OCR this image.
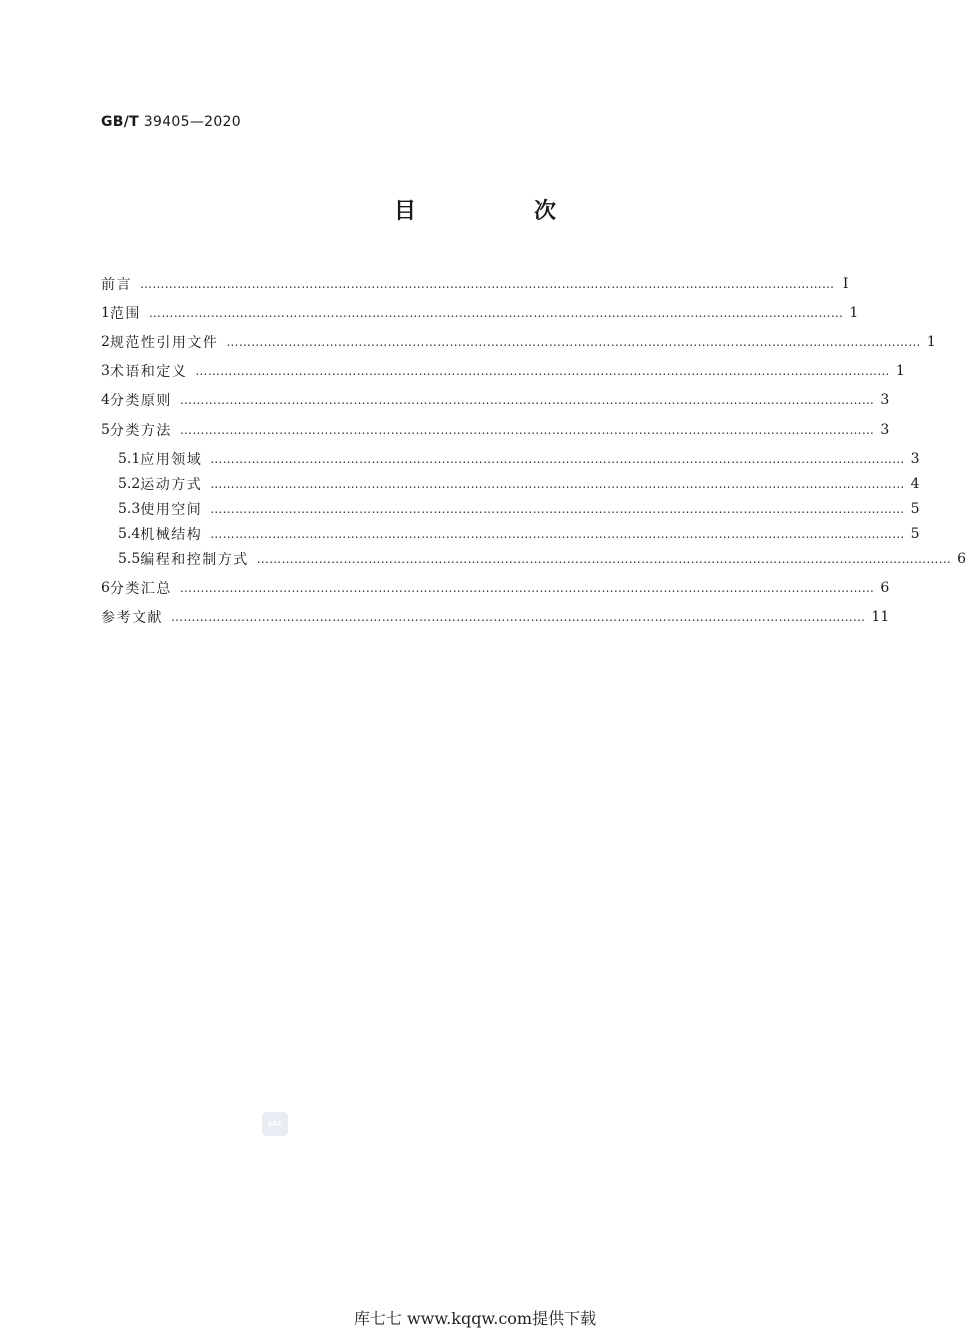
GB/T 39405—2020
目　次
前言 …………………………………………………………………………………………………………………………………………………… Ⅰ
1 范围 …………………………………………………………………………………………………………………………………………………… 1
2 规范性引用文件 …………………………………………………………………………………………………………………………………………………… 1
3 术语和定义 …………………………………………………………………………………………………………………………………………………… 1
4 分类原则 …………………………………………………………………………………………………………………………………………………… 3
5 分类方法 …………………………………………………………………………………………………………………………………………………… 3
5.1 应用领域 …………………………………………………………………………………………………………………………………………………… 3
5.2 运动方式 …………………………………………………………………………………………………………………………………………………… 4
5.3 使用空间 …………………………………………………………………………………………………………………………………………………… 5
5.4 机械结构 …………………………………………………………………………………………………………………………………………………… 5
5.5 编程和控制方式 …………………………………………………………………………………………………………………………………………………… 6
6 分类汇总 …………………………………………………………………………………………………………………………………………………… 6
参考文献 …………………………………………………………………………………………………………………………………………………… 11
SAC
库七七 www.kqqw.com提供下载
